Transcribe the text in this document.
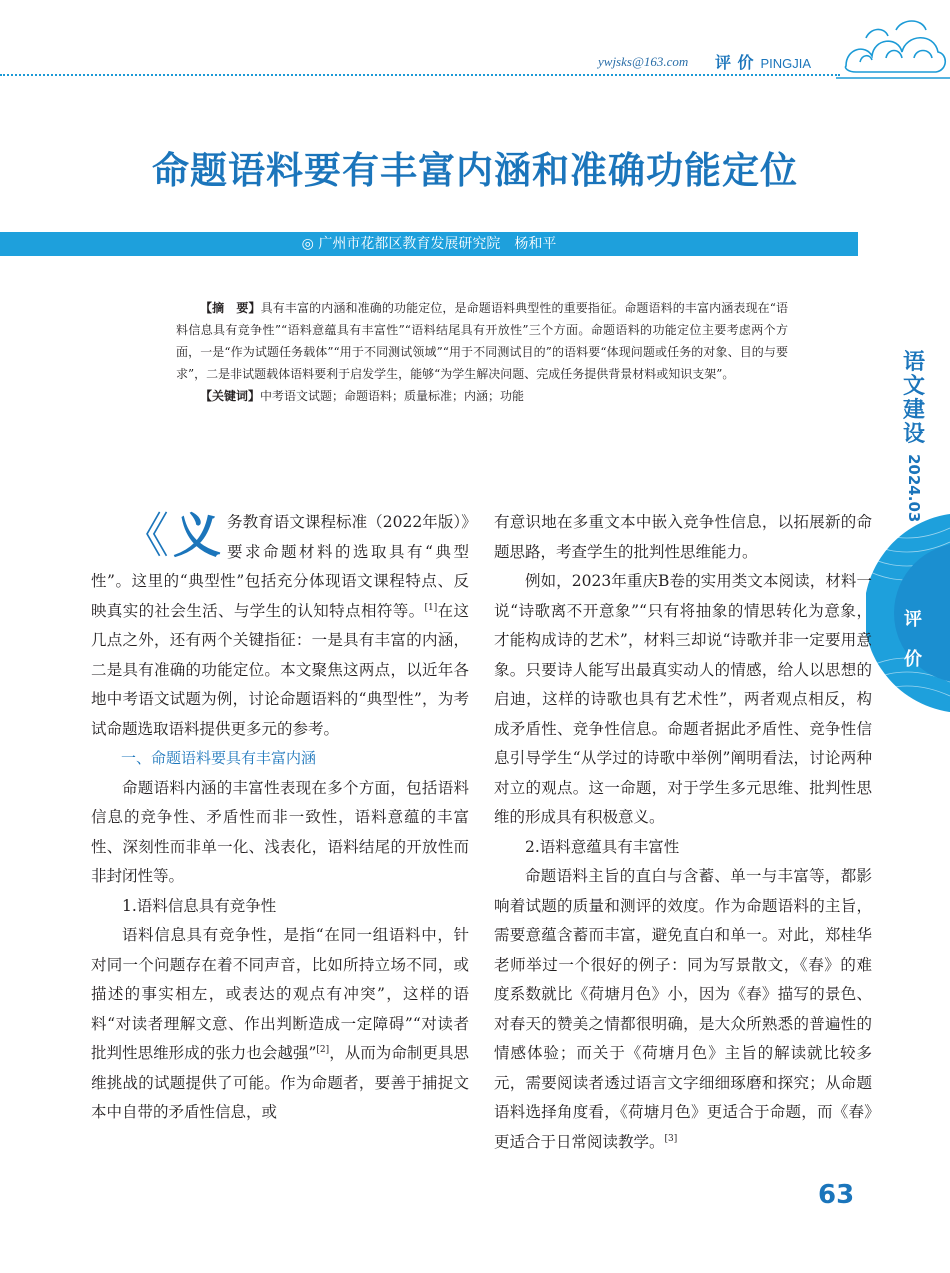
ywjsks@163.com 评 价 PINGJIA
命题语料要有丰富内涵和准确功能定位
◎ 广州市花都区教育发展研究院　杨和平

【摘　要】具有丰富的内涵和准确的功能定位，是命题语料典型性的重要指征。命题语料的丰富内涵表现在“语料信息具有竞争性”“语料意蕴具有丰富性”“语料结尾具有开放性”三个方面。命题语料的功能定位主要考虑两个方面，一是“作为试题任务载体”“用于不同测试领域”“用于不同测试目的”的语料要“体现问题或任务的对象、目的与要求”，二是非试题载体语料要利于启发学生，能够“为学生解决问题、完成任务提供背景材料或知识支架”。

【关键词】中考语文试题；命题语料；质量标准；内涵；功能

语文建设
2024.03
评价

《义 务教育语文课程标准（2022年版）》要求命题材料的选取具有“典型性”。这里的“典型性”包括充分体现语文课程特点、反映真实的社会生活、与学生的认知特点相符等。[1]在这几点之外，还有两个关键指征：一是具有丰富的内涵，二是具有准确的功能定位。本文聚焦这两点，以近年各地中考语文试题为例，讨论命题语料的“典型性”，为考试命题选取语料提供更多元的参考。

一、命题语料要具有丰富内涵

命题语料内涵的丰富性表现在多个方面，包括语料信息的竞争性、矛盾性而非一致性，语料意蕴的丰富性、深刻性而非单一化、浅表化，语料结尾的开放性而非封闭性等。

1.语料信息具有竞争性

语料信息具有竞争性，是指“在同一组语料中，针对同一个问题存在着不同声音，比如所持立场不同，或描述的事实相左，或表达的观点有冲突”，这样的语料“对读者理解文意、作出判断造成一定障碍”“对读者批判性思维形成的张力也会越强”[2]，从而为命制更具思维挑战的试题提供了可能。作为命题者，要善于捕捉文本中自带的矛盾性信息，或

有意识地在多重文本中嵌入竞争性信息，以拓展新的命题思路，考查学生的批判性思维能力。

例如，2023年重庆B卷的实用类文本阅读，材料一说“诗歌离不开意象”“只有将抽象的情思转化为意象，才能构成诗的艺术”，材料三却说“诗歌并非一定要用意象。只要诗人能写出最真实动人的情感，给人以思想的启迪，这样的诗歌也具有艺术性”，两者观点相反，构成矛盾性、竞争性信息。命题者据此矛盾性、竞争性信息引导学生“从学过的诗歌中举例”阐明看法，讨论两种对立的观点。这一命题，对于学生多元思维、批判性思维的形成具有积极意义。

2.语料意蕴具有丰富性

命题语料主旨的直白与含蓄、单一与丰富等，都影响着试题的质量和测评的效度。作为命题语料的主旨，需要意蕴含蓄而丰富，避免直白和单一。对此，郑桂华老师举过一个很好的例子：同为写景散文，《春》的难度系数就比《荷塘月色》小，因为《春》描写的景色、对春天的赞美之情都很明确，是大众所熟悉的普遍性的情感体验；而关于《荷塘月色》主旨的解读就比较多元，需要阅读者透过语言文字细细琢磨和探究；从命题语料选择角度看，《荷塘月色》更适合于命题，而《春》更适合于日常阅读教学。[3]

63
